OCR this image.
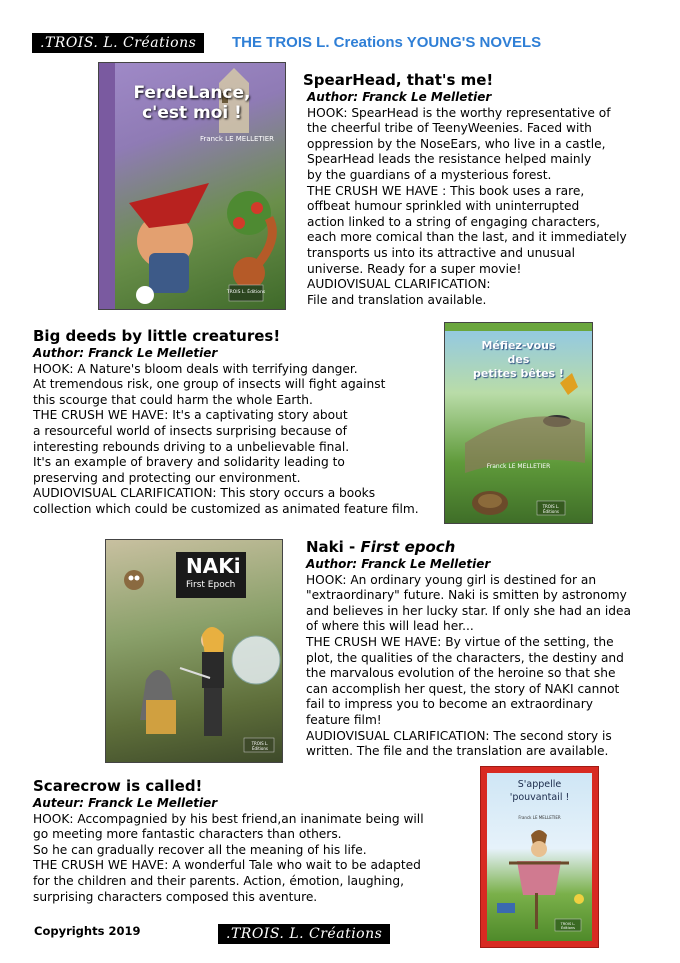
.TROIS. L. Créations	THE TROIS L. Creations YOUNG'S NOVELS
FerdeLance,
c'est moi !
Franck LE MELLETIER
TROIS L. Éditions
SpearHead, that's me!
Author: Franck Le Melletier

HOOK: SpearHead is the worthy representative of

the cheerful tribe of TeenyWeenies. Faced with

oppression by the NoseEars, who live in a castle,

SpearHead leads the resistance helped mainly

by the guardians of a mysterious forest.

THE CRUSH WE HAVE : This book uses a rare,

offbeat humour sprinkled with uninterrupted

action linked to a string of engaging characters,

each more comical than the last, and it immediately

transports us into its attractive and unusual

universe. Ready for a super movie!

AUDIOVISUAL CLARIFICATION:

File and translation available.

Big deeds by little creatures!
Author: Franck Le Melletier

HOOK: A Nature's bloom deals with terrifying danger.

At tremendous risk, one group of insects will fight against

this scourge that could harm the whole Earth.

THE CRUSH WE HAVE: It's a captivating story about

a resourceful world of insects surprising because of

interesting rebounds driving to a unbelievable final.

It's an example of bravery and solidarity leading to

preserving and protecting our environment.

AUDIOVISUAL CLARIFICATION: This story occurs a books

collection which could be customized as animated feature film.

Méfiez-vous
des
petites bêtes !
Franck LE MELLETIER
TROIS L. Éditions
NAKi
First Epoch
TROIS L. Éditions
Naki - First epoch
Author: Franck Le Melletier

HOOK: An ordinary young girl is destined for an

"extraordinary" future. Naki is smitten by astronomy

and believes in her lucky star. If only she had an idea

of where this will lead her...

THE CRUSH WE HAVE: By virtue of the setting, the

plot, the qualities of the characters, the destiny and

the marvalous evolution of the heroine so that she

can accomplish her quest, the story of NAKI cannot

fail to impress you to become an extraordinary

feature film!

AUDIOVISUAL CLARIFICATION: The second story is

written. The file and the translation are available.

Scarecrow is called!
Auteur: Franck Le Melletier

HOOK: Accompagnied by his best friend,an inanimate being will

go meeting more fantastic characters than others.

So he can gradually recover all the meaning of his life.

THE CRUSH WE HAVE: A wonderful Tale who wait to be adapted

for the children and their parents. Action, émotion, laughing,

surprising characters composed this aventure.

S'appelle
'pouvantail !
Franck LE MELLETIER
TROIS L. Éditions
Copyrights 2019	.TROIS. L. Créations
